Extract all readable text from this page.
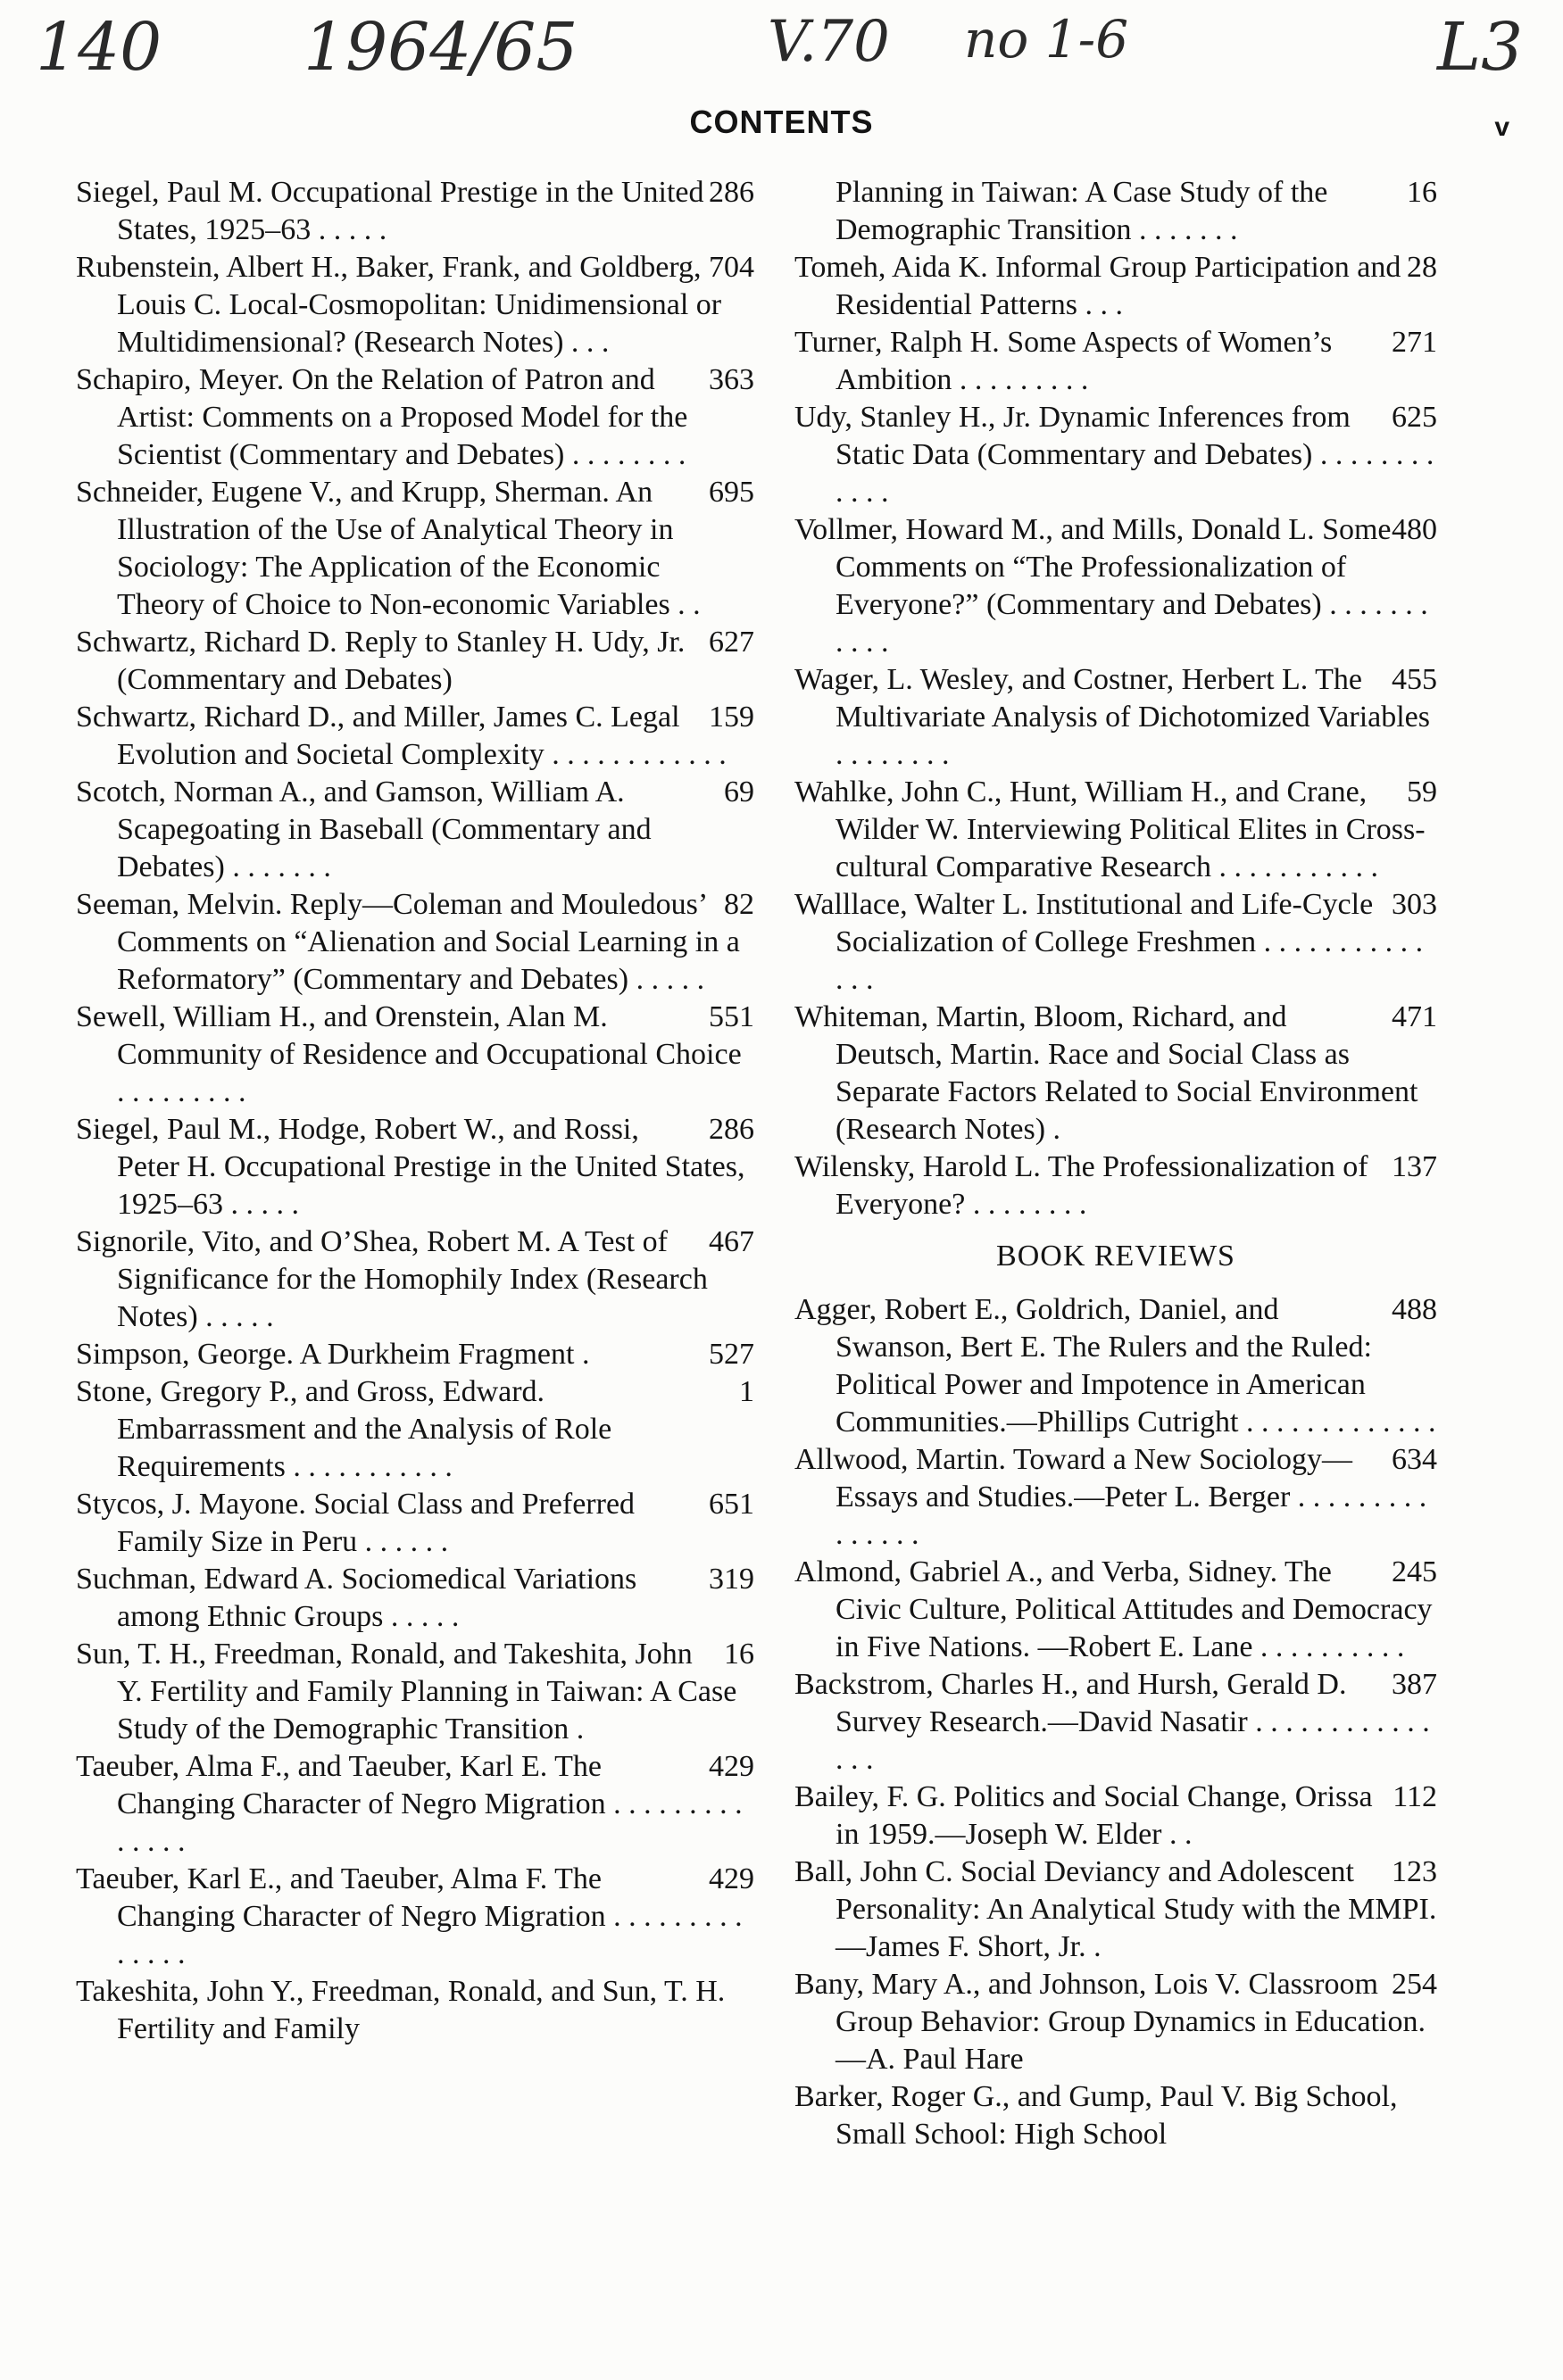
140 1964/65	V.70 no 1-6	L3
CONTENTS	v

286
Siegel, Paul M. Occupational Prestige in the United States, 1925–63 . . . . .

704
Rubenstein, Albert H., Baker, Frank, and Goldberg, Louis C. Local-Cosmopolitan: Unidimensional or Multidimensional? (Research Notes) . . .

363
Schapiro, Meyer. On the Relation of Patron and Artist: Comments on a Proposed Model for the Scientist (Commentary and Debates) . . . . . . . .

695
Schneider, Eugene V., and Krupp, Sherman. An Illustration of the Use of Analytical Theory in Sociology: The Application of the Economic Theory of Choice to Non-economic Variables . .

627
Schwartz, Richard D. Reply to Stanley H. Udy, Jr. (Commentary and Debates)

159
Schwartz, Richard D., and Miller, James C. Legal Evolution and Societal Complexity . . . . . . . . . . . .

69
Scotch, Norman A., and Gamson, William A. Scapegoating in Baseball (Commentary and Debates) . . . . . . .

82
Seeman, Melvin. Reply—Coleman and Mouledous’ Comments on “Alienation and Social Learning in a Reformatory” (Commentary and Debates) . . . . .

551
Sewell, William H., and Orenstein, Alan M. Community of Residence and Occupational Choice . . . . . . . . .

286
Siegel, Paul M., Hodge, Robert W., and Rossi, Peter H. Occupational Prestige in the United States, 1925–63 . . . . .

467
Signorile, Vito, and O’Shea, Robert M. A Test of Significance for the Homophily Index (Research Notes) . . . . .

527
Simpson, George. A Durkheim Fragment .

1
Stone, Gregory P., and Gross, Edward. Embarrassment and the Analysis of Role Requirements . . . . . . . . . . .

651
Stycos, J. Mayone. Social Class and Preferred Family Size in Peru . . . . . .

319
Suchman, Edward A. Sociomedical Variations among Ethnic Groups . . . . .

16
Sun, T. H., Freedman, Ronald, and Takeshita, John Y. Fertility and Family Planning in Taiwan: A Case Study of the Demographic Transition .

429
Taeuber, Alma F., and Taeuber, Karl E. The Changing Character of Negro Migration . . . . . . . . . . . . . .

429
Taeuber, Karl E., and Taeuber, Alma F. The Changing Character of Negro Migration . . . . . . . . . . . . . .

Takeshita, John Y., Freedman, Ronald, and Sun, T. H. Fertility and Family

16
Planning in Taiwan: A Case Study of the Demographic Transition . . . . . . .

28
Tomeh, Aida K. Informal Group Participation and Residential Patterns . . .

271
Turner, Ralph H. Some Aspects of Women’s Ambition . . . . . . . . .

625
Udy, Stanley H., Jr. Dynamic Inferences from Static Data (Commentary and Debates) . . . . . . . . . . . .

480
Vollmer, Howard M., and Mills, Donald L. Some Comments on “The Professionalization of Everyone?” (Commentary and Debates) . . . . . . . . . . .

455
Wager, L. Wesley, and Costner, Herbert L. The Multivariate Analysis of Dichotomized Variables . . . . . . . .

59
Wahlke, John C., Hunt, William H., and Crane, Wilder W. Interviewing Political Elites in Cross-cultural Comparative Research . . . . . . . . . . .

303
Walllace, Walter L. Institutional and Life-Cycle Socialization of College Freshmen . . . . . . . . . . . . . .

471
Whiteman, Martin, Bloom, Richard, and Deutsch, Martin. Race and Social Class as Separate Factors Related to Social Environment (Research Notes) .

137
Wilensky, Harold L. The Professionalization of Everyone? . . . . . . . .

BOOK REVIEWS

488
Agger, Robert E., Goldrich, Daniel, and Swanson, Bert E. The Rulers and the Ruled: Political Power and Impotence in American Communities.—Phillips Cutright . . . . . . . . . . . . .

634
Allwood, Martin. Toward a New Sociology—Essays and Studies.—Peter L. Berger . . . . . . . . . . . . . . .

245
Almond, Gabriel A., and Verba, Sidney. The Civic Culture, Political Attitudes and Democracy in Five Nations. —Robert E. Lane . . . . . . . . . .

387
Backstrom, Charles H., and Hursh, Gerald D. Survey Research.—David Nasatir . . . . . . . . . . . . . . .

112
Bailey, F. G. Politics and Social Change, Orissa in 1959.—Joseph W. Elder . .

123
Ball, John C. Social Deviancy and Adolescent Personality: An Analytical Study with the MMPI.—James F. Short, Jr. .

254
Bany, Mary A., and Johnson, Lois V. Classroom Group Behavior: Group Dynamics in Education.—A. Paul Hare

Barker, Roger G., and Gump, Paul V. Big School, Small School: High School
